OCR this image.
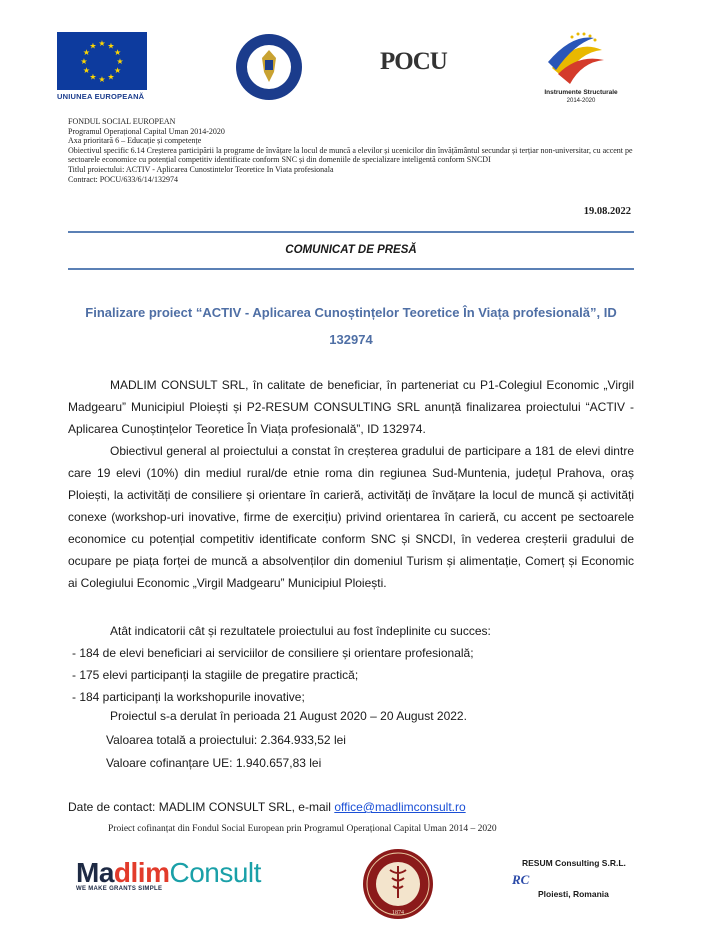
★
★
★
★
★
★
★
★
★ ★ ★
★
UNIUNEA EUROPEANĂ
POCU
Instrumente Structurale
2014-2020
FONDUL SOCIAL EUROPEAN
Programul Operațional Capital Uman 2014-2020
Axa prioritară 6 – Educație și competențe
Obiectivul specific 6.14 Creșterea participării la programe de învățare la locul de muncă a elevilor și ucenicilor din învățământul secundar și terțiar non-universitar, cu accent pe sectoarele economice cu potențial competitiv identificate conform SNC și din domeniile de specializare inteligentă conform SNCDI
Titlul proiectului: ACTIV - Aplicarea Cunostintelor Teoretice In Viata profesionala
Contract: POCU/633/6/14/132974
19.08.2022
COMUNICAT DE PRESĂ
Finalizare proiect “ACTIV - Aplicarea Cunoștințelor Teoretice În Viața profesională”, ID 132974
MADLIM CONSULT SRL, în calitate de beneficiar, în parteneriat cu P1-Colegiul Economic „Virgil Madgearu” Municipiul Ploiești și P2-RESUM CONSULTING SRL anunță finalizarea proiectului “ACTIV - Aplicarea Cunoștințelor Teoretice În Viața profesională”, ID 132974.
Obiectivul general al proiectului a constat în creșterea gradului de participare a 181 de elevi dintre care 19 elevi (10%) din mediul rural/de etnie roma din regiunea Sud-Muntenia, județul Prahova, oraș Ploiești, la activități de consiliere și orientare în carieră, activități de învățare la locul de muncă și activități conexe (workshop-uri inovative, firme de exercițiu) privind orientarea în carieră, cu accent pe sectoarele economice cu potențial competitiv identificate conform SNC și SNCDI, în vederea creșterii gradului de ocupare pe piața forței de muncă a absolvenților din domeniul Turism și alimentație, Comerț și Economic ai Colegiului Economic „Virgil Madgearu” Municipiul Ploiești.
Atât indicatorii cât și rezultatele proiectului au fost îndeplinite cu succes:
- 184 de elevi beneficiari ai serviciilor de consiliere și orientare profesională;
- 175 elevi participanți la stagiile de pregatire practică;
- 184 participanți la workshopurile inovative;
Proiectul s-a derulat în perioada 21 August 2020 – 20 August 2022.
Valoarea totală a proiectului: 2.364.933,52 lei
Valoare cofinanțare UE: 1.940.657,83 lei
Date de contact: MADLIM CONSULT SRL, e-mail office@madlimconsult.ro
Proiect cofinanțat din Fondul Social European prin Programul Operațional Capital Uman 2014 – 2020
MadlimConsult
WE MAKE GRANTS SIMPLE
1874
RESUM Consulting S.R.L.
RC
Ploiesti, Romania
